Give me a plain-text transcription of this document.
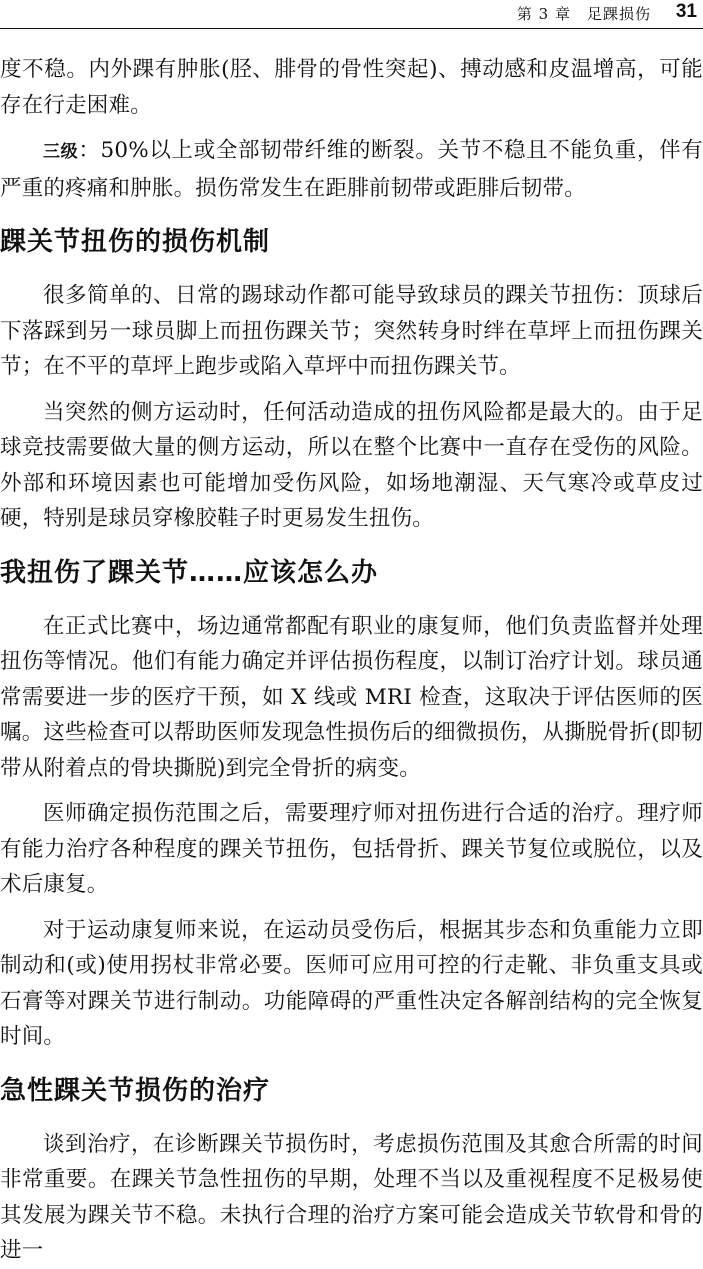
第 3 章　足踝损伤 31

度不稳。内外踝有肿胀(胫、腓骨的骨性突起)、搏动感和皮温增高，可能存在行走困难。

三级：50%以上或全部韧带纤维的断裂。关节不稳且不能负重，伴有严重的疼痛和肿胀。损伤常发生在距腓前韧带或距腓后韧带。

踝关节扭伤的损伤机制

很多简单的、日常的踢球动作都可能导致球员的踝关节扭伤：顶球后下落踩到另一球员脚上而扭伤踝关节；突然转身时绊在草坪上而扭伤踝关节；在不平的草坪上跑步或陷入草坪中而扭伤踝关节。

当突然的侧方运动时，任何活动造成的扭伤风险都是最大的。由于足球竞技需要做大量的侧方运动，所以在整个比赛中一直存在受伤的风险。外部和环境因素也可能增加受伤风险，如场地潮湿、天气寒冷或草皮过硬，特别是球员穿橡胶鞋子时更易发生扭伤。

我扭伤了踝关节……应该怎么办

在正式比赛中，场边通常都配有职业的康复师，他们负责监督并处理扭伤等情况。他们有能力确定并评估损伤程度，以制订治疗计划。球员通常需要进一步的医疗干预，如 X 线或 MRI 检查，这取决于评估医师的医嘱。这些检查可以帮助医师发现急性损伤后的细微损伤，从撕脱骨折(即韧带从附着点的骨块撕脱)到完全骨折的病变。

医师确定损伤范围之后，需要理疗师对扭伤进行合适的治疗。理疗师有能力治疗各种程度的踝关节扭伤，包括骨折、踝关节复位或脱位，以及术后康复。

对于运动康复师来说，在运动员受伤后，根据其步态和负重能力立即制动和(或)使用拐杖非常必要。医师可应用可控的行走靴、非负重支具或石膏等对踝关节进行制动。功能障碍的严重性决定各解剖结构的完全恢复时间。

急性踝关节损伤的治疗

谈到治疗，在诊断踝关节损伤时，考虑损伤范围及其愈合所需的时间非常重要。在踝关节急性扭伤的早期，处理不当以及重视程度不足极易使其发展为踝关节不稳。未执行合理的治疗方案可能会造成关节软骨和骨的进一
